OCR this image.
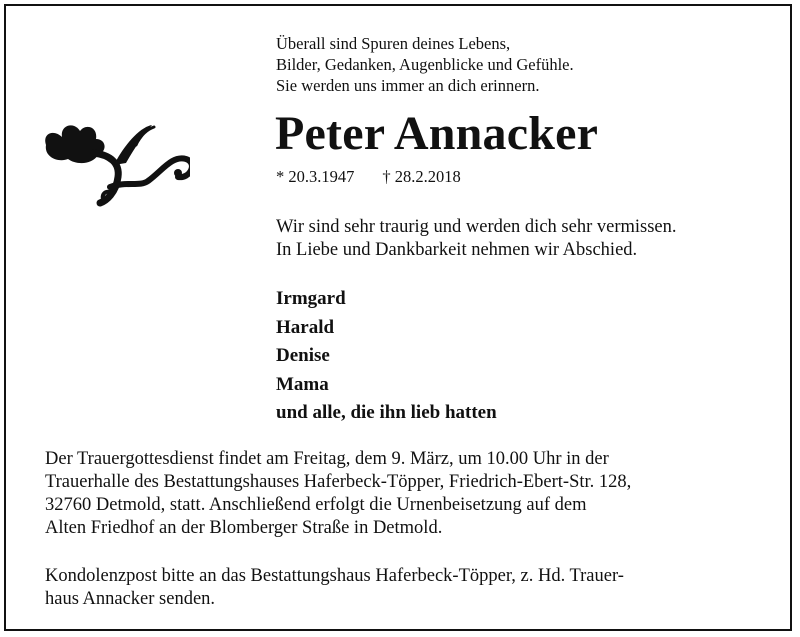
Überall sind Spuren deines Lebens,
Bilder, Gedanken, Augenblicke und Gefühle.
Sie werden uns immer an dich erinnern.
Peter Annacker
* 20.3.1947 † 28.2.2018
Wir sind sehr traurig und werden dich sehr vermissen.
In Liebe und Dankbarkeit nehmen wir Abschied.
Irmgard
Harald
Denise
Mama
und alle, die ihn lieb hatten
Der Trauergottesdienst findet am Freitag, dem 9. März, um 10.00 Uhr in der
Trauerhalle des Bestattungshauses Haferbeck-Töpper, Friedrich-Ebert-Str. 128,
32760 Detmold, statt. Anschließend erfolgt die Urnenbeisetzung auf dem
Alten Friedhof an der Blomberger Straße in Detmold.
Kondolenzpost bitte an das Bestattungshaus Haferbeck-Töpper, z. Hd. Trauer-
haus Annacker senden.
